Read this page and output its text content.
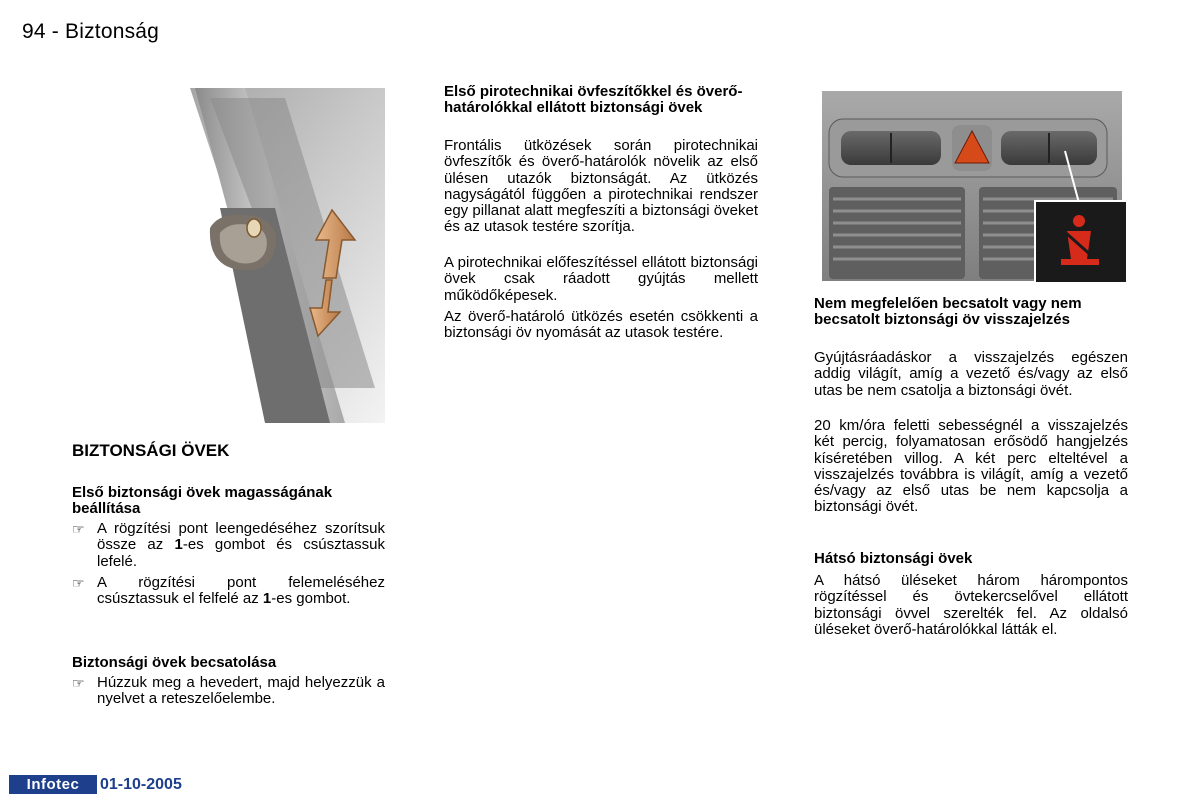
94 - Biztonság
BIZTONSÁGI ÖVEK
Első biztonsági övek magasságának beállítása
☞ A rögzítési pont leengedéséhez szorítsuk össze az 1-es gombot és csúsztassuk lefelé.
☞ A rögzítési pont felemeléséhez csúsztassuk el felfelé az 1-es gombot.
Biztonsági övek becsatolása
☞ Húzzuk meg a hevedert, majd helyezzük a nyelvet a reteszelőelembe.
Első pirotechnikai övfeszítőkkel és överő-határolókkal ellátott biztonsági övek
Frontális ütközések során pirotechnikai övfeszítők és överő-határolók növelik az első ülésen utazók biztonságát. Az ütközés nagyságától függően a pirotechnikai rendszer egy pillanat alatt megfeszíti a biztonsági öveket és az utasok testére szorítja.
A pirotechnikai előfeszítéssel ellátott biztonsági övek csak ráadott gyújtás mellett működőképesek.
Az överő-határoló ütközés esetén csökkenti a biztonsági öv nyomását az utasok testére.
Nem megfelelően becsatolt vagy nem becsatolt biztonsági öv visszajelzés
Gyújtásráadáskor a visszajelzés egészen addig világít, amíg a vezető és/vagy az első utas be nem csatolja a biztonsági övét.
20 km/óra feletti sebességnél a visszajelzés két percig, folyamatosan erősödő hangjelzés kíséretében villog. A két perc elteltével a visszajelzés továbbra is világít, amíg a vezető és/vagy az első utas be nem kapcsolja a biztonsági övét.
Hátsó biztonsági övek
A hátsó üléseket három hárompontos rögzítéssel és övtekercselővel ellátott biztonsági övvel szerelték fel. Az oldalsó üléseket överő-határolókkal látták el.
Infotec	01-10-2005
